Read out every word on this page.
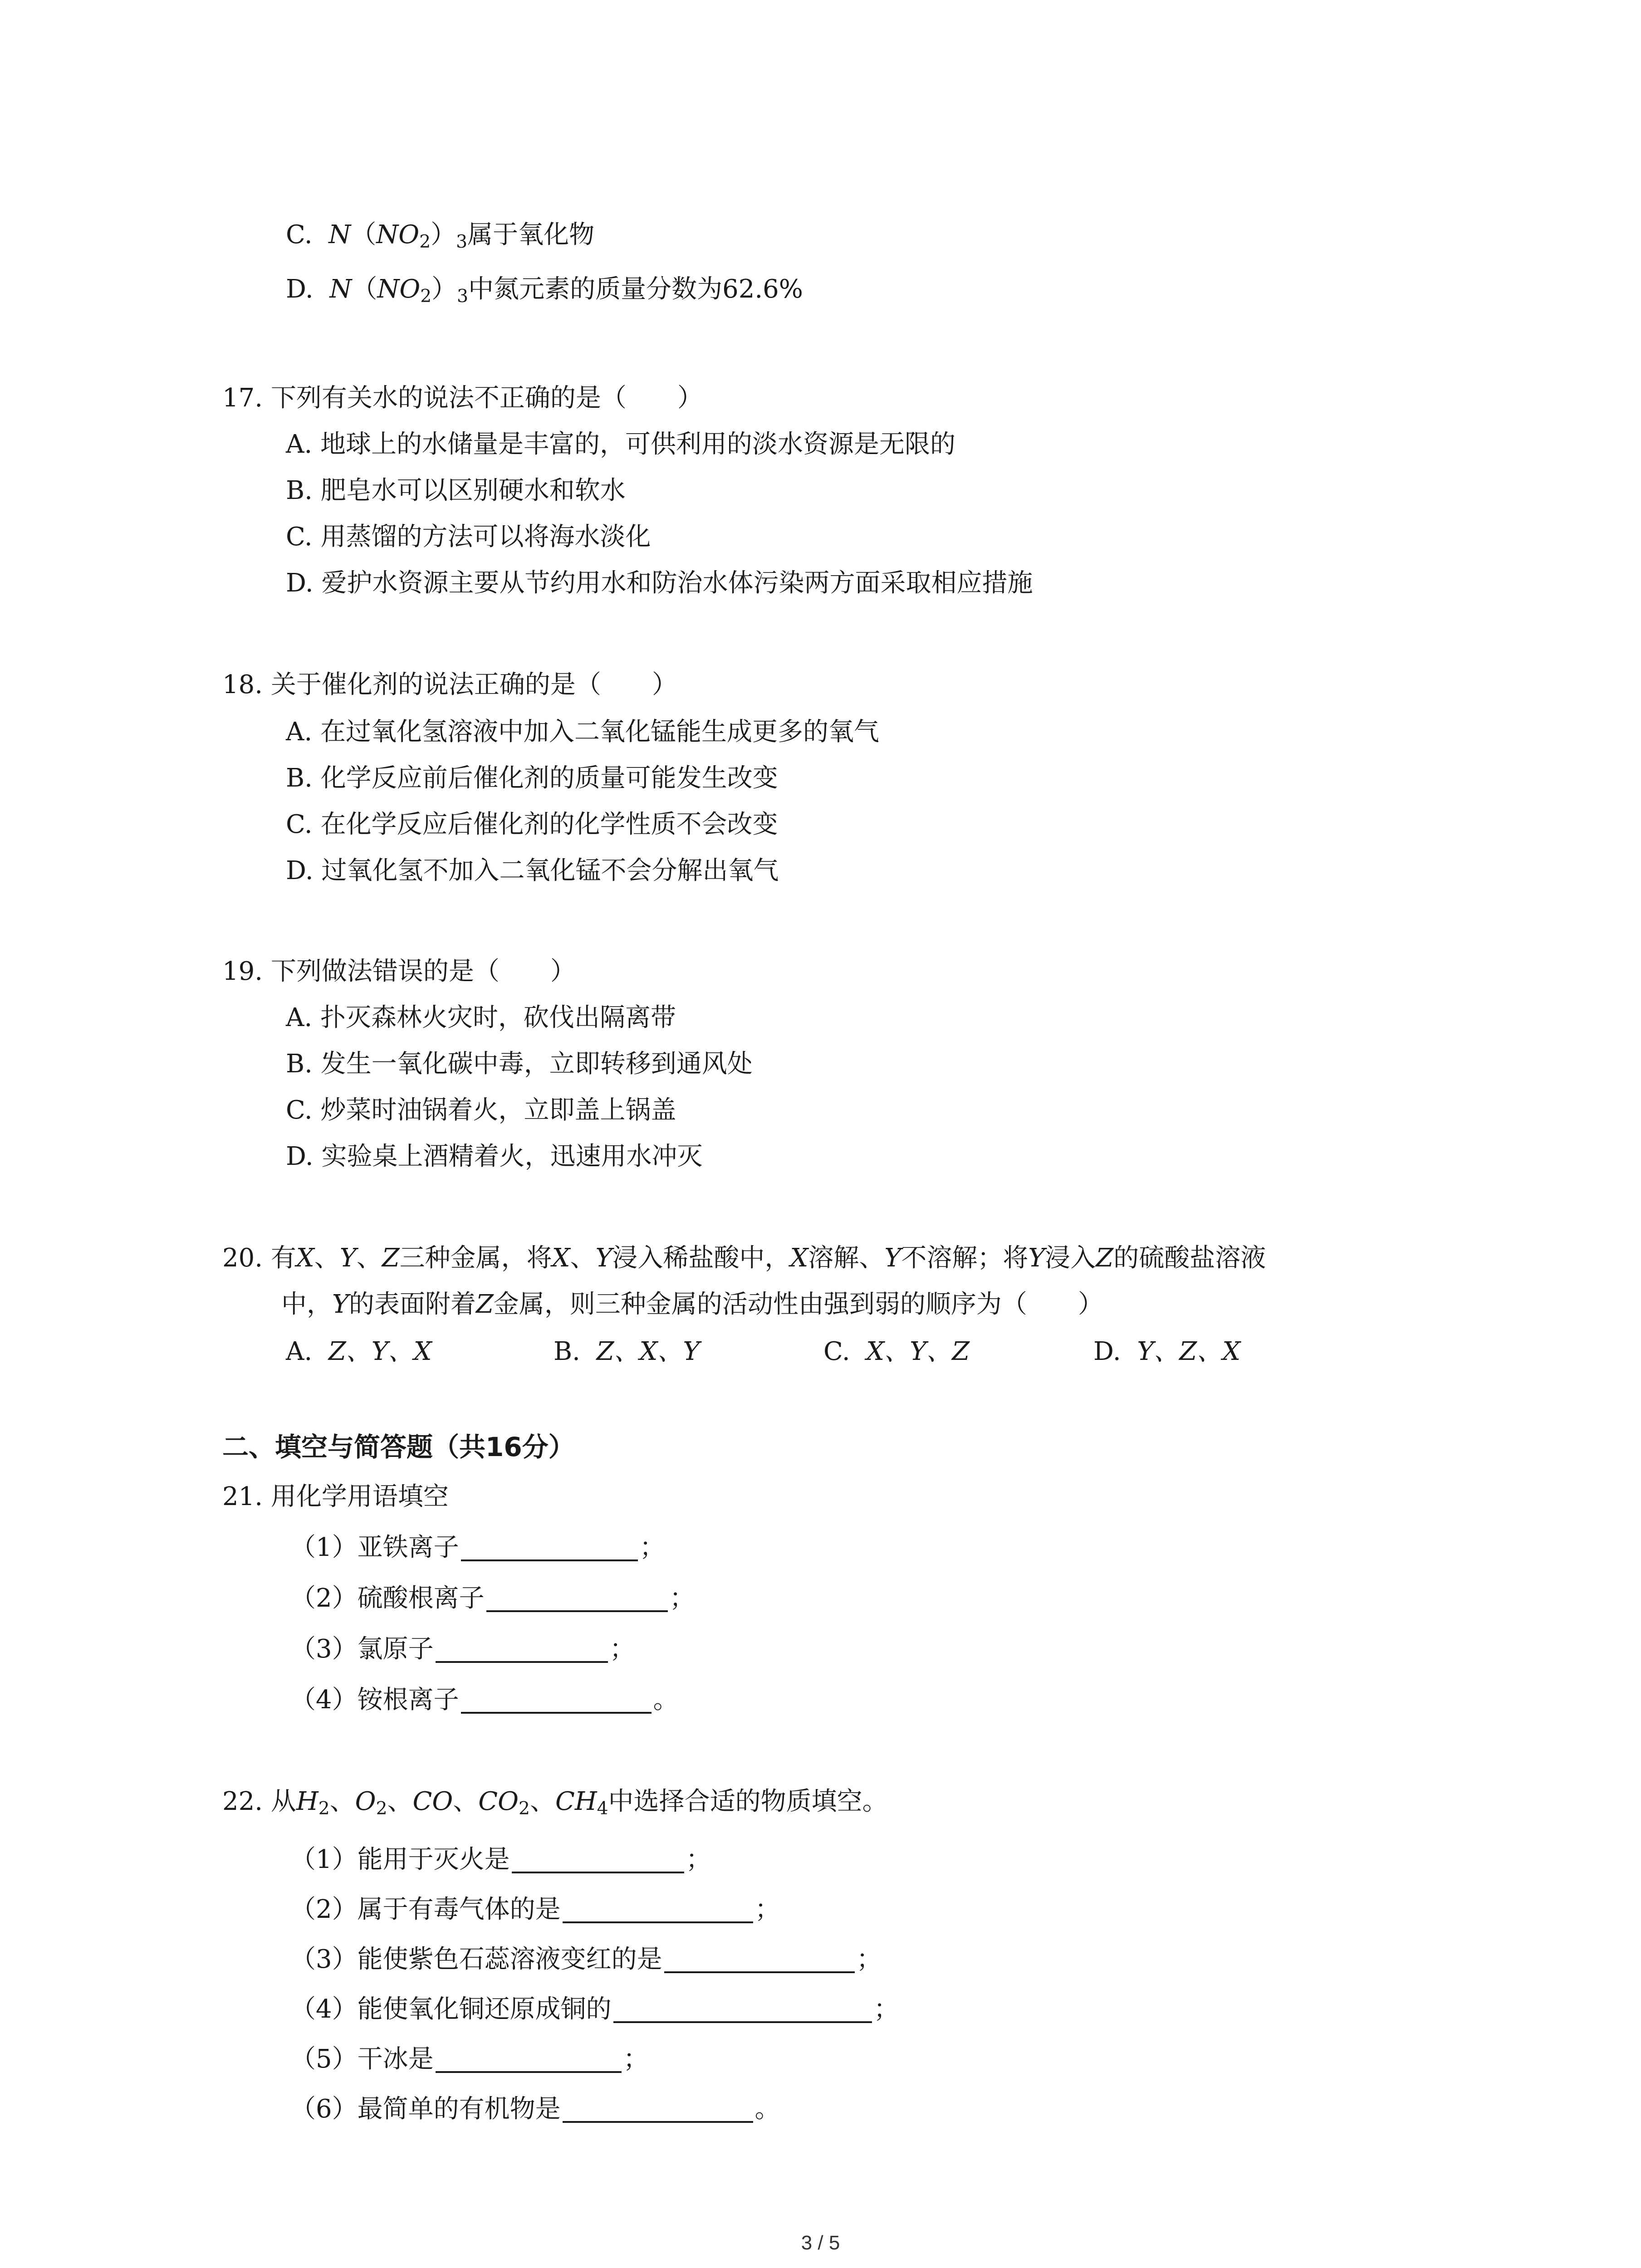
C. $N(NO_2)_3$属于氧化物
D. $N(NO_2)_3$中氮元素的质量分数为62.6%
17. 下列有关水的说法不正确的是（　　）
A. 地球上的水储量是丰富的，可供利用的淡水资源是无限的
B. 肥皂水可以区别硬水和软水
C. 用蒸馏的方法可以将海水淡化
D. 爱护水资源主要从节约用水和防治水体污染两方面采取相应措施
18. 关于催化剂的说法正确的是（　　）
A. 在过氧化氢溶液中加入二氧化锰能生成更多的氧气
B. 化学反应前后催化剂的质量可能发生改变
C. 在化学反应后催化剂的化学性质不会改变
D. 过氧化氢不加入二氧化锰不会分解出氧气
19. 下列做法错误的是（　　）
A. 扑灭森林火灾时，砍伐出隔离带
B. 发生一氧化碳中毒，立即转移到通风处
C. 炒菜时油锅着火，立即盖上锅盖
D. 实验桌上酒精着火，迅速用水冲灭
20. 有X、Y、Z三种金属，将X、Y浸入稀盐酸中，X溶解、Y不溶解；将Y浸入Z的硫酸盐溶液
中，Y的表面附着Z金属，则三种金属的活动性由强到弱的顺序为（　　）
A. Z、Y、X	B. Z、X、Y	C. X、Y、Z	D. Y、Z、X
二、填空与简答题（共16分）
21. 用化学用语填空
（1）亚铁离子	；
（2）硫酸根离子	；
（3）氯原子	；
（4）铵根离子	。
22. 从$H_2$、$O_2$、CO、$CO_2$、$CH_4$中选择合适的物质填空。
（1）能用于灭火是	；
（2）属于有毒气体的是	；
（3）能使紫色石蕊溶液变红的是	；
（4）能使氧化铜还原成铜的	；
（5）干冰是	；
（6）最简单的有机物是	。
3 / 5
